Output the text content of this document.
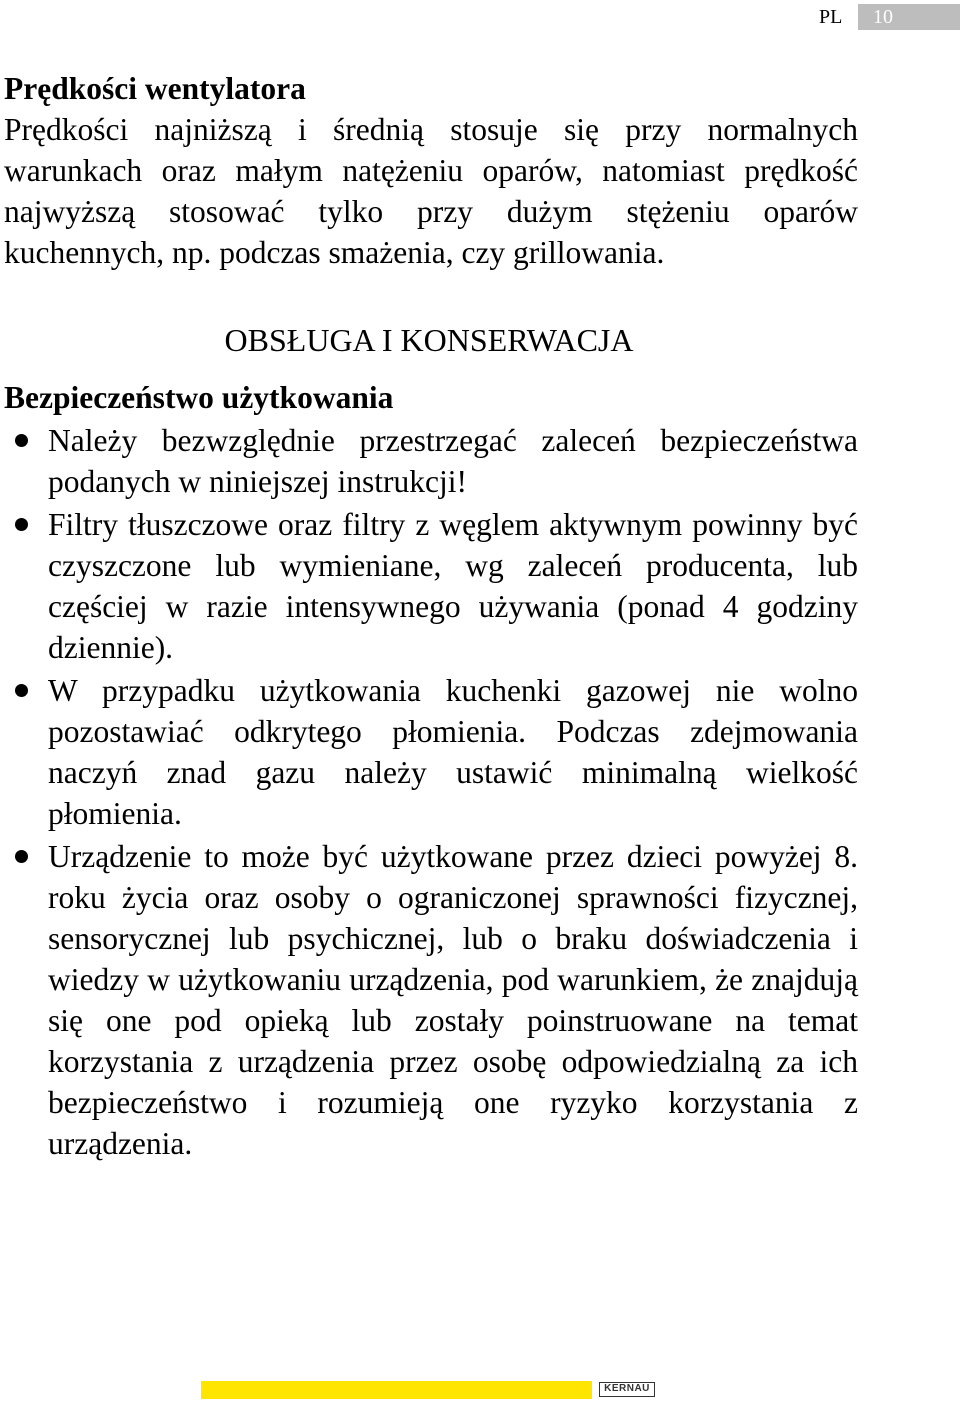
PL 10

Prędkości wentylatora

Prędkości najniższą i średnią stosuje się przy normalnych warunkach oraz małym natężeniu oparów, natomiast prędkość najwyższą stosować tylko przy dużym stężeniu oparów kuchennych, np. podczas smażenia, czy grillowania.

OBSŁUGA I KONSERWACJA

Bezpieczeństwo użytkowania

Należy bezwzględnie przestrzegać zaleceń bezpieczeństwa podanych w niniejszej instrukcji!
Filtry tłuszczowe oraz filtry z węglem aktywnym powinny być czyszczone lub wymieniane, wg zaleceń producenta, lub częściej w razie intensywnego używania (ponad 4 godziny dziennie).
W przypadku użytkowania kuchenki gazowej nie wolno pozostawiać odkrytego płomienia. Podczas zdejmowania naczyń znad gazu należy ustawić minimalną wielkość płomienia.
Urządzenie to może być użytkowane przez dzieci powyżej 8. roku życia oraz osoby o ograniczonej sprawności fizycznej, sensorycznej lub psychicznej, lub o braku doświadczenia i wiedzy w użytkowaniu urządzenia, pod warunkiem, że znajdują się one pod opieką lub zostały poinstruowane na temat korzystania z urządzenia przez osobę odpowiedzialną za ich bezpieczeństwo i rozumieją one ryzyko korzystania z urządzenia.
KERNAU
